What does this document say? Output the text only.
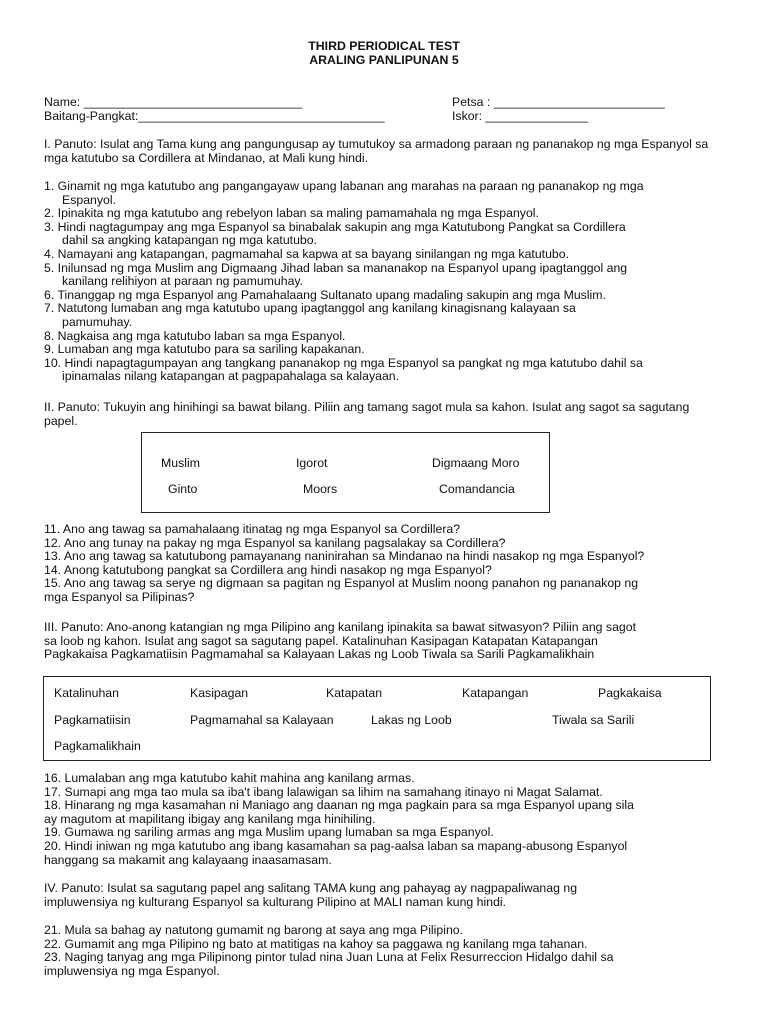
THIRD PERIODICAL TEST
ARALING PANLIPUNAN 5
Name: ________________________________
Baitang-Pangkat:____________________________________
Petsa : _________________________
Iskor: _______________

I. Panuto: Isulat ang Tama kung ang pangungusap ay tumutukoy sa armadong paraan ng pananakop ng mga Espanyol sa mga katutubo sa Cordillera at Mindanao, at Mali kung hindi.

1. Ginamit ng mga katutubo ang pangangayaw upang labanan ang marahas na paraan ng pananakop ng mga
Espanyol.
2. Ipinakita ng mga katutubo ang rebelyon laban sa maling pamamahala ng mga Espanyol.
3. Hindi nagtagumpay ang mga Espanyol sa binabalak sakupin ang mga Katutubong Pangkat sa Cordillera
dahil sa angking katapangan ng mga katutubo.
4. Namayani ang katapangan, pagmamahal sa kapwa at sa bayang sinilangan ng mga katutubo.
5. Inilunsad ng mga Muslim ang Digmaang Jihad laban sa mananakop na Espanyol upang ipagtanggol ang
kanilang relihiyon at paraan ng pamumuhay.
6. Tinanggap ng mga Espanyol ang Pamahalaang Sultanato upang madaling sakupin ang mga Muslim.
7. Natutong lumaban ang mga katutubo upang ipagtanggol ang kanilang kinagisnang kalayaan sa
pamumuhay.
8. Nagkaisa ang mga katutubo laban sa mga Espanyol.
9. Lumaban ang mga katutubo para sa sariling kapakanan.
10. Hindi napagtagumpayan ang tangkang pananakop ng mga Espanyol sa pangkat ng mga katutubo dahil sa
ipinamalas nilang katapangan at pagpapahalaga sa kalayaan.

II. Panuto: Tukuyin ang hinihingi sa bawat bilang. Piliin ang tamang sagot mula sa kahon. Isulat ang sagot sa sagutang papel.

Muslim	Igorot	Digmaang Moro
Ginto	Moors	Comandancia
11. Ano ang tawag sa pamahalaang itinatag ng mga Espanyol sa Cordillera?
12. Ano ang tunay na pakay ng mga Espanyol sa kanilang pagsalakay sa Cordillera?
13. Ano ang tawag sa katutubong pamayanang naninirahan sa Mindanao na hindi nasakop ng mga Espanyol?
14. Anong katutubong pangkat sa Cordillera ang hindi nasakop ng mga Espanyol?
15. Ano ang tawag sa serye ng digmaan sa pagitan ng Espanyol at Muslim noong panahon ng pananakop ng
mga Espanyol sa Pilipinas?
III. Panuto: Ano-anong katangian ng mga Pilipino ang kanilang ipinakita sa bawat sitwasyon? Piliin ang sagot
sa loob ng kahon. Isulat ang sagot sa sagutang papel. Katalinuhan Kasipagan Katapatan Katapangan
Pagkakaisa Pagkamatiisin Pagmamahal sa Kalayaan Lakas ng Loob Tiwala sa Sarili Pagkamalikhain
Katalinuhan	Kasipagan	Katapatan	Katapangan	Pagkakaisa
Pagkamatiisin	Pagmamahal sa Kalayaan	Lakas ng Loob	Tiwala sa Sarili
Pagkamalikhain
16. Lumalaban ang mga katutubo kahit mahina ang kanilang armas.
17. Sumapi ang mga tao mula sa iba't ibang lalawigan sa lihim na samahang itinayo ni Magat Salamat.
18. Hinarang ng mga kasamahan ni Maniago ang daanan ng mga pagkain para sa mga Espanyol upang sila
ay magutom at mapilitang ibigay ang kanilang mga hinihiling.
19. Gumawa ng sariling armas ang mga Muslim upang lumaban sa mga Espanyol.
20. Hindi iniwan ng mga katutubo ang ibang kasamahan sa pag-aalsa laban sa mapang-abusong Espanyol
hanggang sa makamit ang kalayaang inaasamasam.
IV. Panuto: Isulat sa sagutang papel ang salitang TAMA kung ang pahayag ay nagpapaliwanag ng
impluwensiya ng kulturang Espanyol sa kulturang Pilipino at MALI naman kung hindi.
21. Mula sa bahag ay natutong gumamit ng barong at saya ang mga Pilipino.
22. Gumamit ang mga Pilipino ng bato at matitigas na kahoy sa paggawa ng kanilang mga tahanan.
23. Naging tanyag ang mga Pilipinong pintor tulad nina Juan Luna at Felix Resurreccion Hidalgo dahil sa
impluwensiya ng mga Espanyol.
